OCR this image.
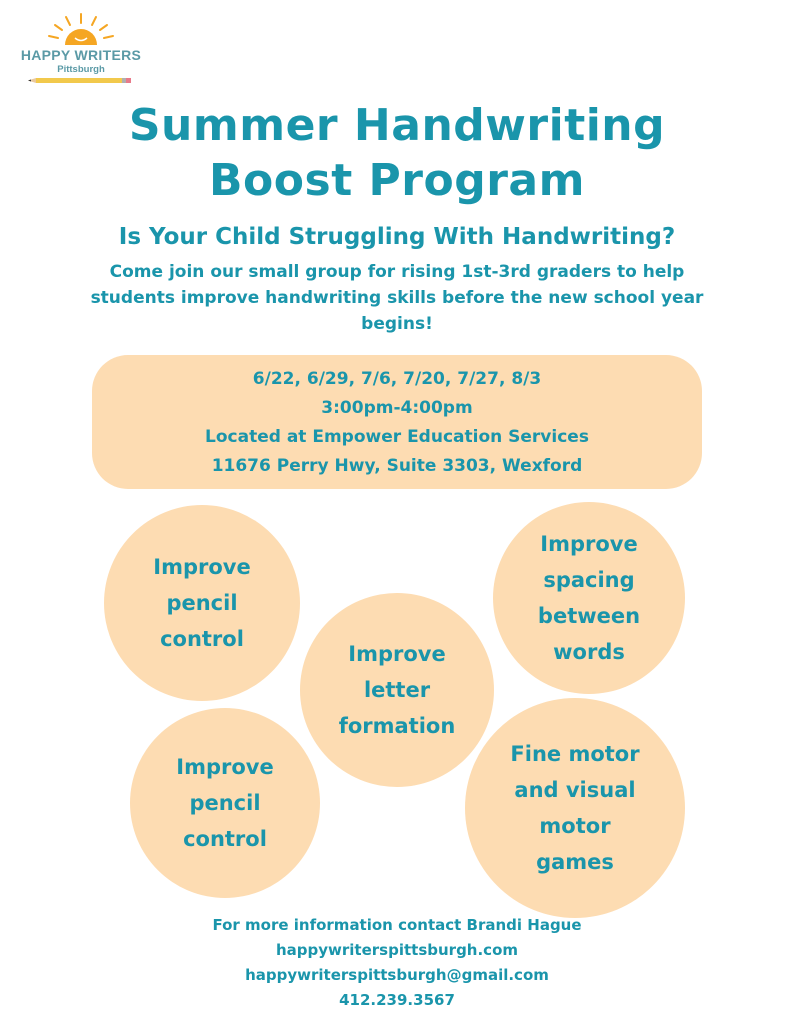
HAPPY WRITERS
Pittsburgh
Summer Handwriting
Boost Program
Is Your Child Struggling With Handwriting?
Come join our small group for rising 1st-3rd graders to help
students improve handwriting skills before the new school year
begins!
6/22, 6/29, 7/6, 7/20, 7/27, 8/3
3:00pm-4:00pm
Located at Empower Education Services
11676 Perry Hwy, Suite 3303, Wexford
Improve
pencil
control
Improve
letter
formation
Improve
spacing
between
words
Improve
pencil
control
Fine motor
and visual
motor
games
For more information contact Brandi Hague
happywriterspittsburgh.com
happywriterspittsburgh@gmail.com
412.239.3567
